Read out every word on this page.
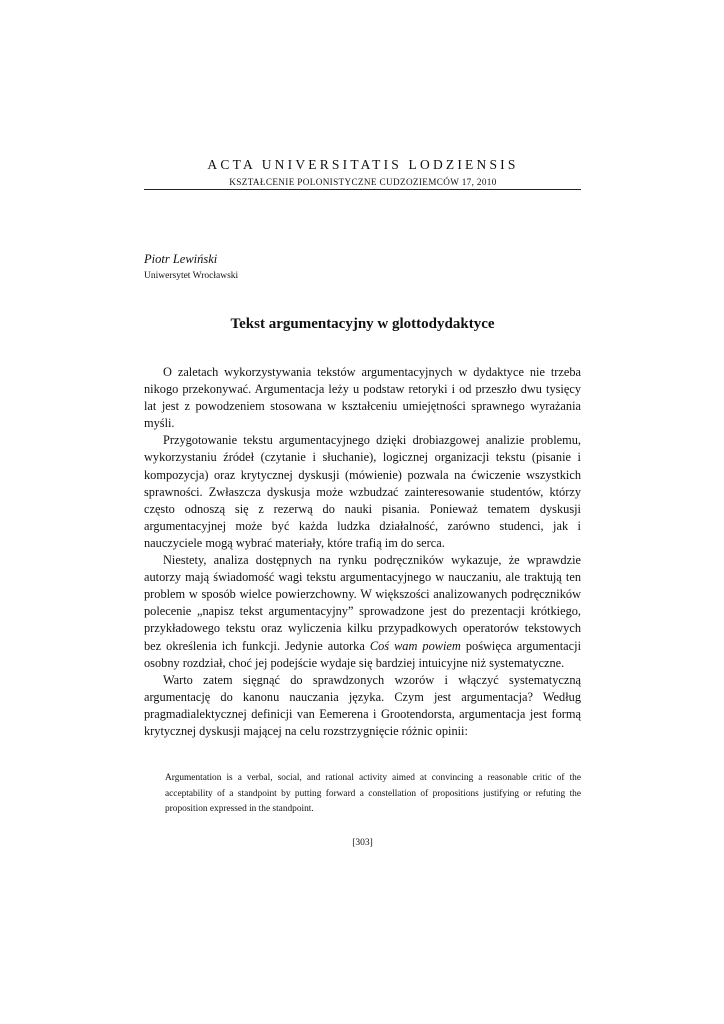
ACTA UNIVERSITATIS LODZIENSIS
KSZTAŁCENIE POLONISTYCZNE CUDZOZIEMCÓW 17, 2010
Piotr Lewiński
Uniwersytet Wrocławski
Tekst argumentacyjny w glottodydaktyce

O zaletach wykorzystywania tekstów argumentacyjnych w dydaktyce nie trzeba nikogo przekonywać. Argumentacja leży u podstaw retoryki i od przeszło dwu tysięcy lat jest z powodzeniem stosowana w kształceniu umiejętności sprawnego wyrażania myśli.

Przygotowanie tekstu argumentacyjnego dzięki drobiazgowej analizie problemu, wykorzystaniu źródeł (czytanie i słuchanie), logicznej organizacji tekstu (pisanie i kompozycja) oraz krytycznej dyskusji (mówienie) pozwala na ćwiczenie wszystkich sprawności. Zwłaszcza dyskusja może wzbudzać zainteresowanie studentów, którzy często odnoszą się z rezerwą do nauki pisania. Ponieważ tematem dyskusji argumentacyjnej może być każda ludzka działalność, zarówno studenci, jak i nauczyciele mogą wybrać materiały, które trafią im do serca.

Niestety, analiza dostępnych na rynku podręczników wykazuje, że wprawdzie autorzy mają świadomość wagi tekstu argumentacyjnego w nauczaniu, ale traktują ten problem w sposób wielce powierzchowny. W większości analizowanych podręczników polecenie „napisz tekst argumentacyjny” sprowadzone jest do prezentacji krótkiego, przykładowego tekstu oraz wyliczenia kilku przypadkowych operatorów tekstowych bez określenia ich funkcji. Jedynie autorka Coś wam powiem poświęca argumentacji osobny rozdział, choć jej podejście wydaje się bardziej intuicyjne niż systematyczne.

Warto zatem sięgnąć do sprawdzonych wzorów i włączyć systematyczną argumentację do kanonu nauczania języka. Czym jest argumentacja? Według pragmadialektycznej definicji van Eemerena i Grootendorsta, argumentacja jest formą krytycznej dyskusji mającej na celu rozstrzygnięcie różnic opinii:

Argumentation is a verbal, social, and rational activity aimed at convincing a reasonable critic of the acceptability of a standpoint by putting forward a constellation of propositions justifying or refuting the proposition expressed in the standpoint.

[303]
